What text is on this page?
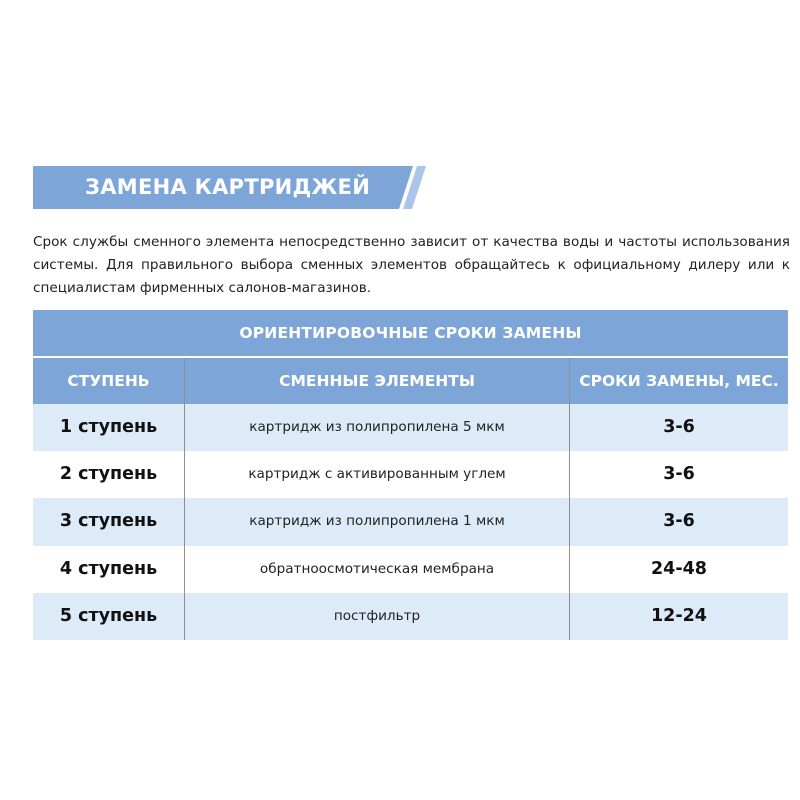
ЗАМЕНА КАРТРИДЖЕЙ

Срок службы сменного элемента непосредственно зависит от качества воды и частоты использования системы. Для правильного выбора сменных элементов обращайтесь к официальному дилеру или к специалистам фирменных салонов-магазинов.

ОРИЕНТИРОВОЧНЫЕ СРОКИ ЗАМЕНЫ
СТУПЕНЬ	СМЕННЫЕ ЭЛЕМЕНТЫ	СРОКИ ЗАМЕНЫ, МЕС.
1 ступень	картридж из полипропилена 5 мкм	3-6
2 ступень	картридж с активированным углем	3-6
3 ступень	картридж из полипропилена 1 мкм	3-6
4 ступень	обратноосмотическая мембрана	24-48
5 ступень	постфильтр	12-24
